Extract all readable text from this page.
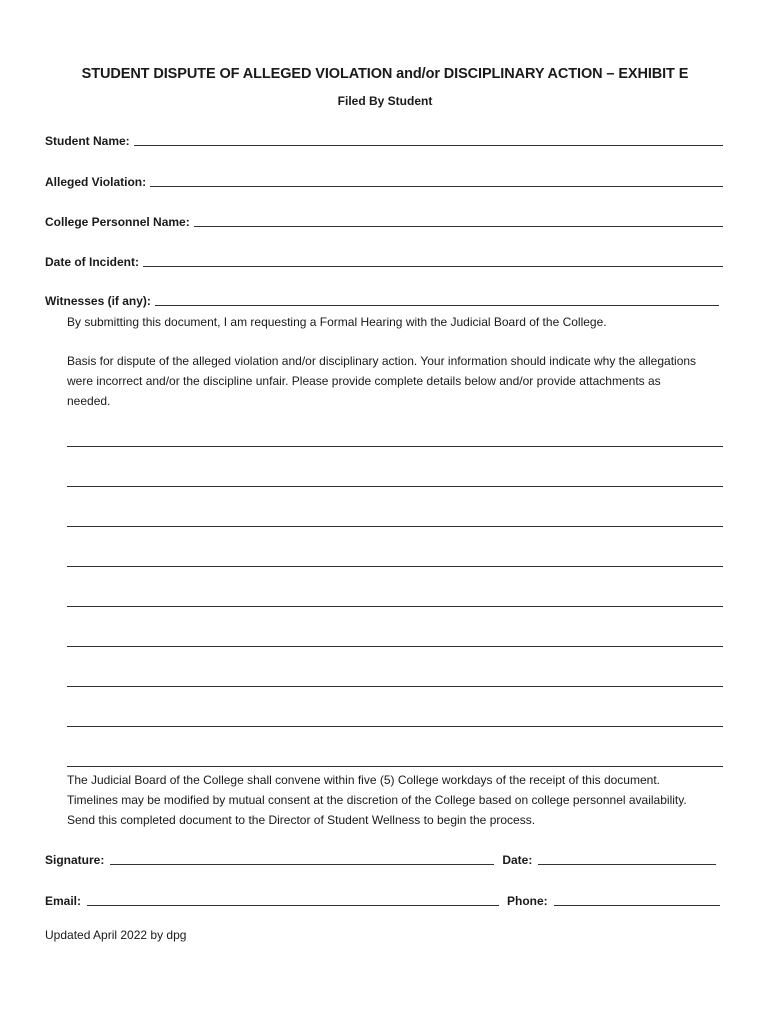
STUDENT DISPUTE OF ALLEGED VIOLATION and/or DISCIPLINARY ACTION – EXHIBIT E
Filed By Student
Student Name:
Alleged Violation:
College Personnel Name:
Date of Incident:
Witnesses (if any):

By submitting this document, I am requesting a Formal Hearing with the Judicial Board of the College.

Basis for dispute of the alleged violation and/or disciplinary action. Your information should indicate why the allegations were incorrect and/or the discipline unfair. Please provide complete details below and/or provide attachments as needed.

The Judicial Board of the College shall convene within five (5) College workdays of the receipt of this document. Timelines may be modified by mutual consent at the discretion of the College based on college personnel availability. Send this completed document to the Director of Student Wellness to begin the process.

Signature:	Date:
Email:	Phone:
Updated April 2022 by dpg
